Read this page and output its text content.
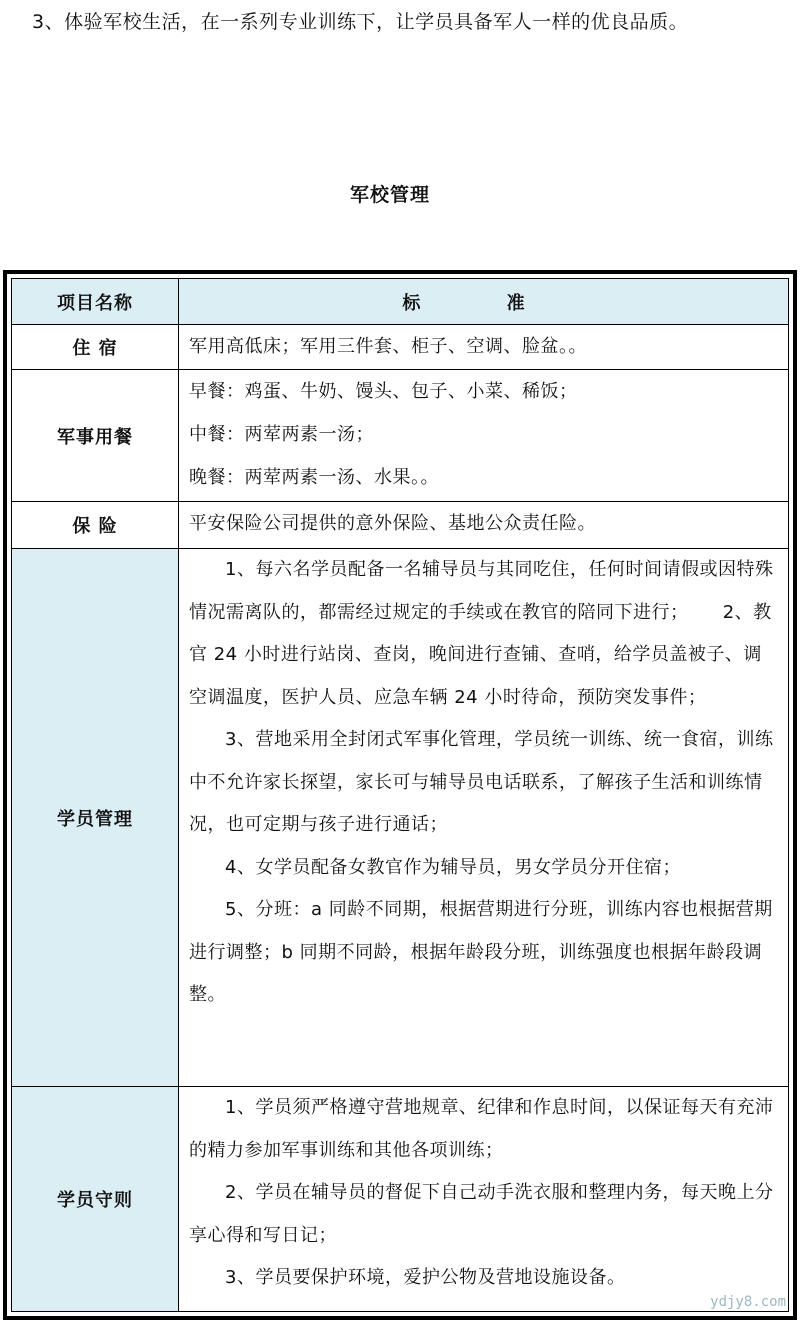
3、体验军校生活，在一系列专业训练下，让学员具备军人一样的优良品质。
军校管理
项目名称	标 准
住 宿	军用高低床；军用三件套、柜子、空调、脸盆。。

军事用餐	早餐：鸡蛋、牛奶、馒头、包子、小菜、稀饭；
中餐：两荤两素一汤；
晚餐：两荤两素一汤、水果。。

保 险	平安保险公司提供的意外保险、基地公众责任险。

学员管理	1、每六名学员配备一名辅导员与其同吃住，任何时间请假或因特殊情况需离队的，都需经过规定的手续或在教官的陪同下进行；　　 2、教官 24 小时进行站岗、查岗，晚间进行查铺、查哨，给学员盖被子、调空调温度，医护人员、应急车辆 24 小时待命，预防突发事件；
3、营地采用全封闭式军事化管理，学员统一训练、统一食宿，训练中不允许家长探望，家长可与辅导员电话联系，了解孩子生活和训练情况，也可定期与孩子进行通话；
4、女学员配备女教官作为辅导员，男女学员分开住宿；
5、分班：a 同龄不同期，根据营期进行分班，训练内容也根据营期进行调整；b 同期不同龄，根据年龄段分班，训练强度也根据年龄段调整。

学员守则	1、学员须严格遵守营地规章、纪律和作息时间，以保证每天有充沛的精力参加军事训练和其他各项训练；
2、学员在辅导员的督促下自己动手洗衣服和整理内务，每天晚上分享心得和写日记；
3、学员要保护环境，爱护公物及营地设施设备。
ydjy8.com
